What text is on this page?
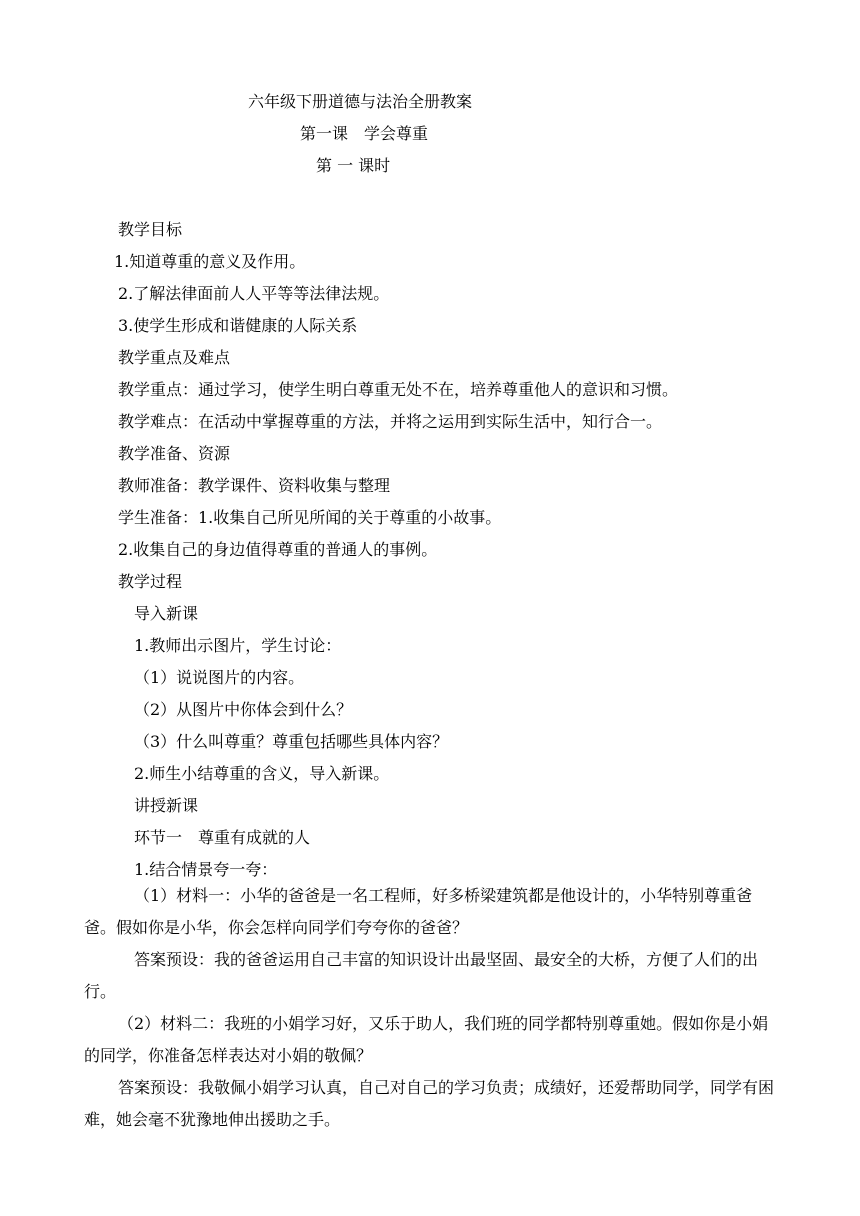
六年级下册道德与法治全册教案
第一课　学会尊重
第 一 课时
教学目标
1.知道尊重的意义及作用。
2.了解法律面前人人平等等法律法规。
3.使学生形成和谐健康的人际关系
教学重点及难点
教学重点：通过学习，使学生明白尊重无处不在，培养尊重他人的意识和习惯。
教学难点：在活动中掌握尊重的方法，并将之运用到实际生活中，知行合一。
教学准备、资源
教师准备：教学课件、资料收集与整理
学生准备：1.收集自己所见所闻的关于尊重的小故事。
2.收集自己的身边值得尊重的普通人的事例。
教学过程
导入新课
1.教师出示图片，学生讨论：
（1）说说图片的内容。
（2）从图片中你体会到什么？
（3）什么叫尊重？尊重包括哪些具体内容？
2.师生小结尊重的含义，导入新课。
讲授新课
环节一　尊重有成就的人
1.结合情景夸一夸：
（1）材料一：小华的爸爸是一名工程师，好多桥梁建筑都是他设计的，小华特别尊重爸爸。假如你是小华，你会怎样向同学们夸夸你的爸爸？
答案预设：我的爸爸运用自己丰富的知识设计出最坚固、最安全的大桥，方便了人们的出行。
（2）材料二：我班的小娟学习好，又乐于助人，我们班的同学都特别尊重她。假如你是小娟的同学，你准备怎样表达对小娟的敬佩？
答案预设：我敬佩小娟学习认真，自己对自己的学习负责；成绩好，还爱帮助同学，同学有困难，她会毫不犹豫地伸出援助之手。
